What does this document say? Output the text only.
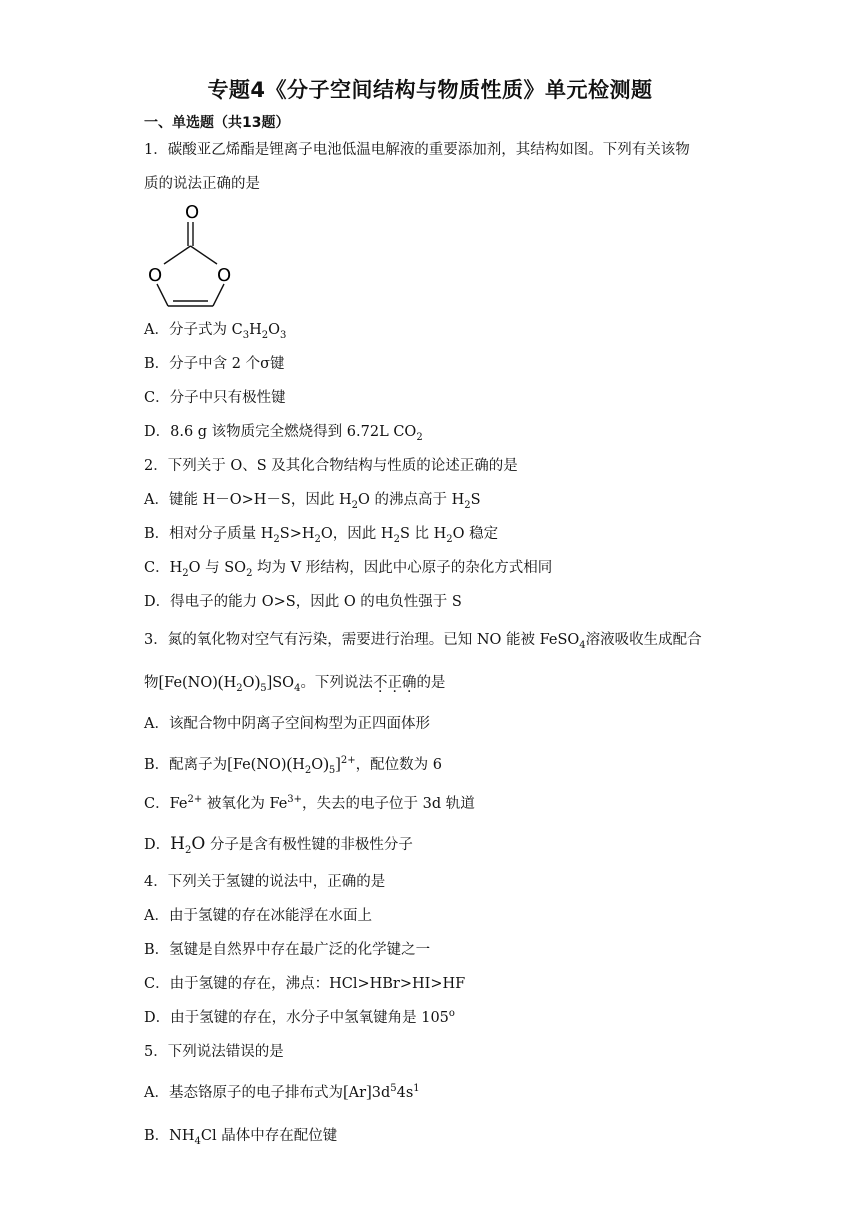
专题4《分子空间结构与物质性质》单元检测题
一、单选题（共13题）
1．碳酸亚乙烯酯是锂离子电池低温电解液的重要添加剂，其结构如图。下列有关该物
质的说法正确的是
O
O	O
A．分子式为 $C_3H_2O_3$
B．分子中含 2 个σ键
C．分子中只有极性键
D．8.6 g 该物质完全燃烧得到 6.72L $CO_2$
2．下列关于 O、S 及其化合物结构与性质的论述正确的是
A．键能 H－O>H－S，因此 $H_2O$ 的沸点高于 $H_2S$
B．相对分子质量 $H_2S>H_2O$，因此 $H_2S$ 比 $H_2O$ 稳定
C．$H_2O$ 与 $SO_2$ 均为 V 形结构，因此中心原子的杂化方式相同
D．得电子的能力 O>S，因此 O 的电负性强于 S
3．氮的氧化物对空气有污染，需要进行治理。已知 NO 能被 FeSO$_4$溶液吸收生成配合
物$[Fe(NO)(H_2O)_5]SO_4$。下列说法不正确的是
A．该配合物中阴离子空间构型为正四面体形
B．配离子为$[Fe(NO)(H_2O)_5]^{2+}$，配位数为 6
C．$Fe^{2+}$ 被氧化为 $Fe^{3+}$，失去的电子位于 3d 轨道
D．$H_2O$ 分子是含有极性键的非极性分子
4．下列关于氢键的说法中，正确的是
A．由于氢键的存在冰能浮在水面上
B．氢键是自然界中存在最广泛的化学键之一
C．由于氢键的存在，沸点：HCl>HBr>HI>HF
D．由于氢键的存在，水分子中氢氧键角是 105$^o$
5．下列说法错误的是
A．基态铬原子的电子排布式为$[Ar]3d^54s^1$
B．$NH_4Cl$ 晶体中存在配位键
